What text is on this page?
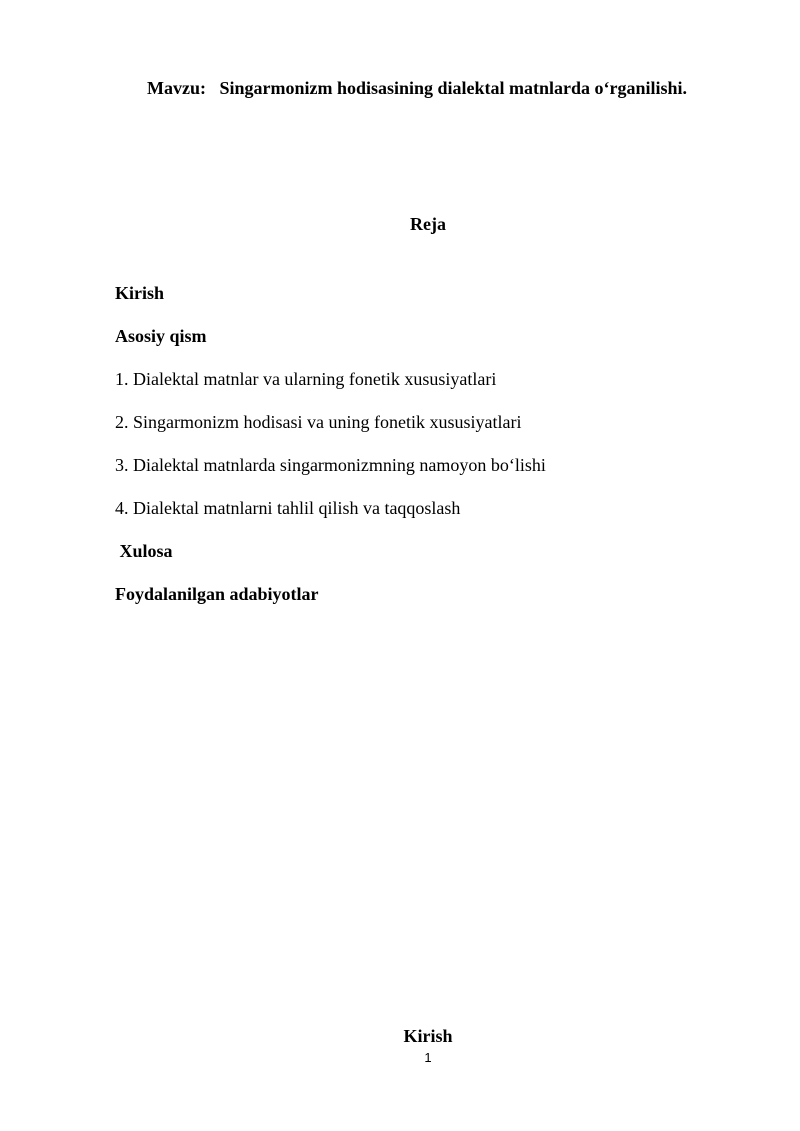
Mavzu:   Singarmonizm hodisasining dialektal matnlarda o‘rganilishi.
Reja
Kirish
Asosiy qism
1. Dialektal matnlar va ularning fonetik xususiyatlari
2. Singarmonizm hodisasi va uning fonetik xususiyatlari
3. Dialektal matnlarda singarmonizmning namoyon bo‘lishi
4. Dialektal matnlarni tahlil qilish va taqqoslash
Xulosa
Foydalanilgan adabiyotlar
Kirish
1
